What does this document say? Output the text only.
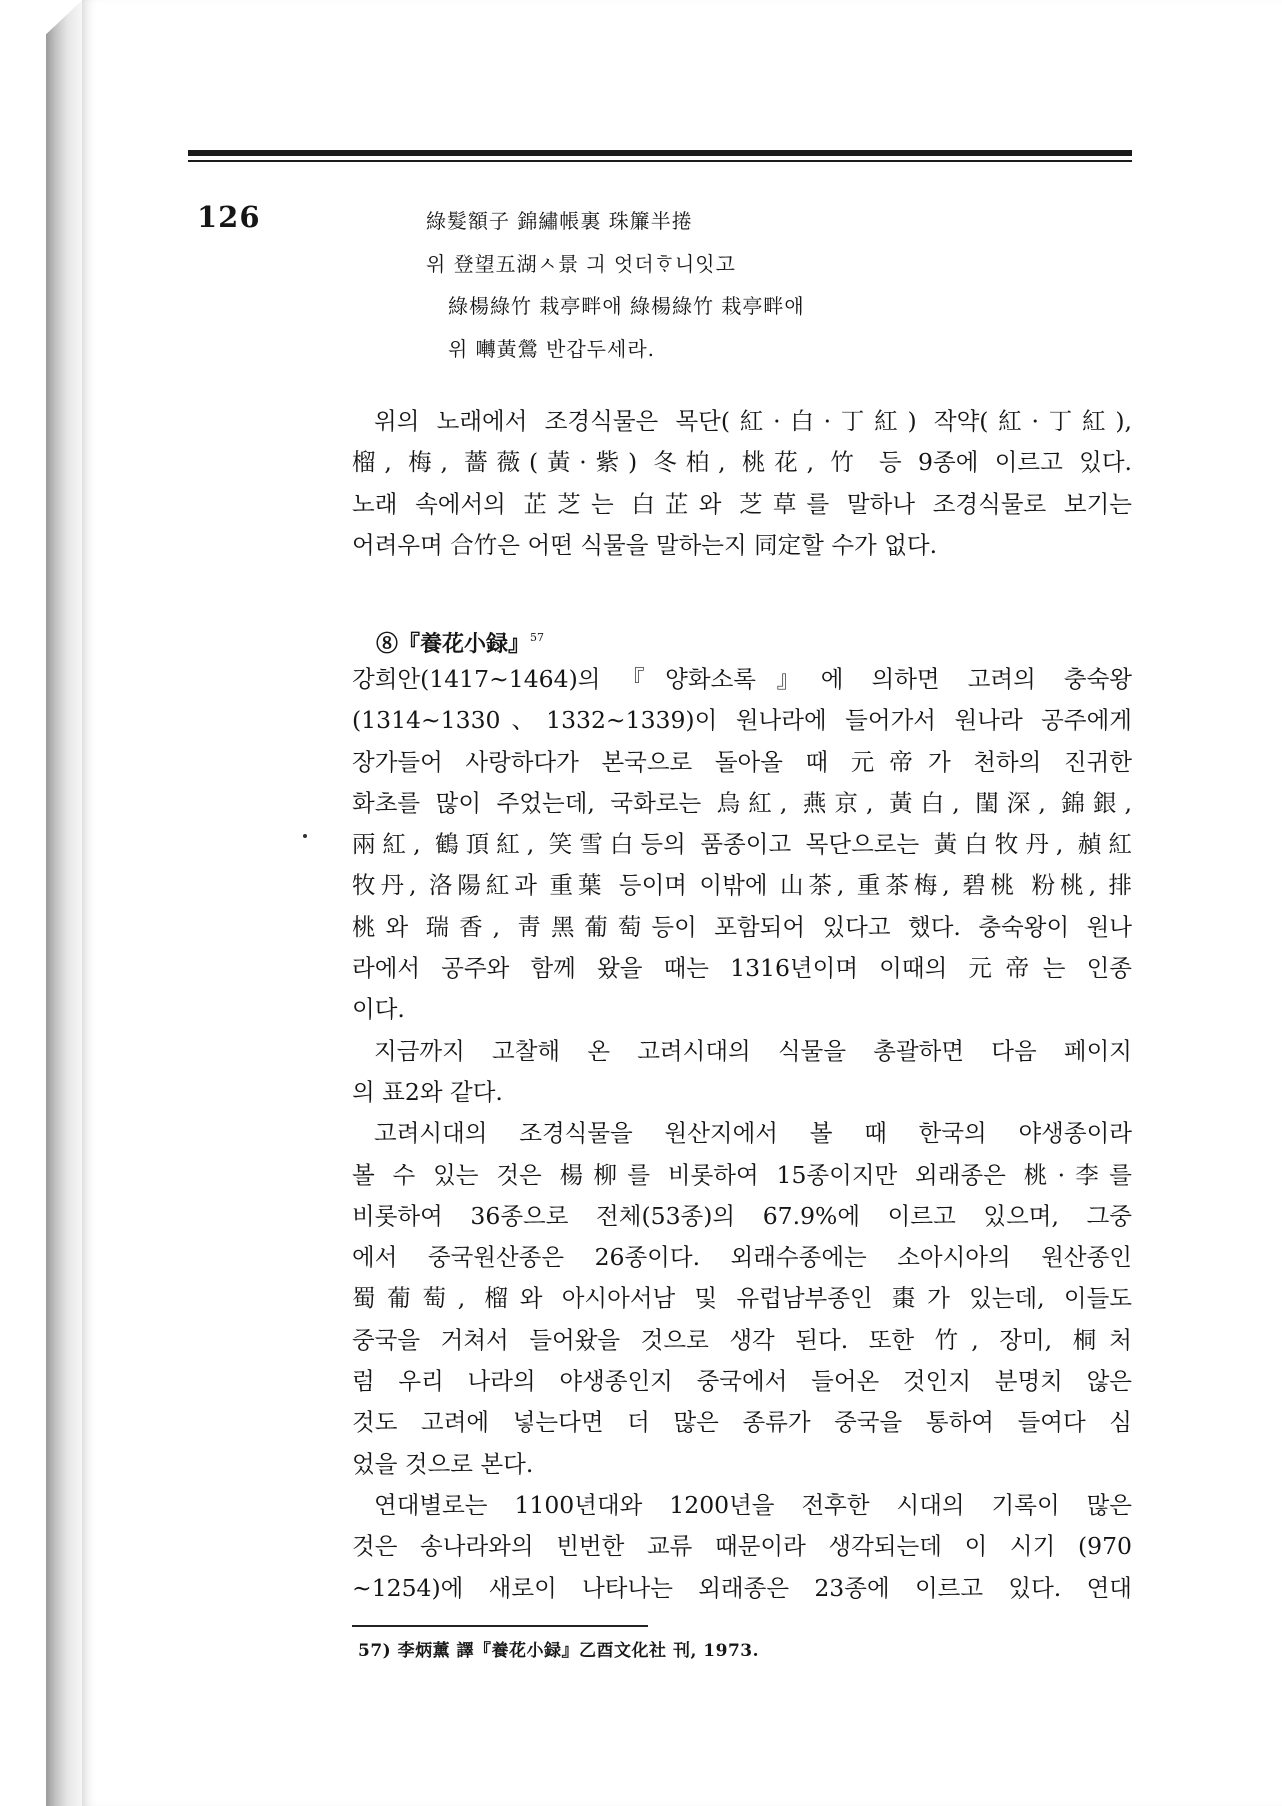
126	綠髮額子 錦繡帳裏 珠簾半捲
위 登望五湖ㅅ景 긔 엇더ᄒᆞ니잇고
綠楊綠竹 栽亭畔애 綠楊綠竹 栽亭畔애
위 囀黃鶯 반갑두세라.
위의 노래에서 조경식물은 목단(紅·白·丁紅) 작약(紅·丁紅),
榴, 梅, 薔薇(黃·紫) 冬柏, 桃花, 竹 등 9종에 이르고 있다.
노래 속에서의 芷芝는 白芷와 芝草를 말하나 조경식물로 보기는
어려우며 合竹은 어떤 식물을 말하는지 同定할 수가 없다.
⑧『養花小録』$^{57}$
강희안(1417∼1464)의『양화소록』에 의하면 고려의 충숙왕
(1314∼1330、1332∼1339)이 원나라에 들어가서 원나라 공주에게
장가들어 사랑하다가 본국으로 돌아올 때 元帝가 천하의 진귀한
화초를 많이 주었는데, 국화로는 烏紅, 燕京, 黃白, 閨深, 錦銀,
兩紅, 鶴頂紅, 笑雪白등의 품종이고 목단으로는 黃白牧丹, 赬紅
牧丹, 洛陽紅과 重葉 등이며 이밖에 山茶, 重茶梅, 碧桃 粉桃, 排
桃와 瑞香, 靑黑葡萄등이 포함되어 있다고 했다. 충숙왕이 원나
라에서 공주와 함께 왔을 때는 1316년이며 이때의 元帝는 인종
이다.
지금까지 고찰해 온 고려시대의 식물을 총괄하면 다음 페이지
의 표2와 같다.
고려시대의 조경식물을 원산지에서 볼 때 한국의 야생종이라
볼 수 있는 것은 楊柳를 비롯하여 15종이지만 외래종은 桃·李를
비롯하여 36종으로 전체(53종)의 67.9%에 이르고 있으며, 그중
에서 중국원산종은 26종이다. 외래수종에는 소아시아의 원산종인
蜀葡萄, 榴와 아시아서남 및 유럽남부종인 棗가 있는데, 이들도
중국을 거쳐서 들어왔을 것으로 생각 된다. 또한 竹, 장미, 桐처
럼 우리 나라의 야생종인지 중국에서 들어온 것인지 분명치 않은
것도 고려에 넣는다면 더 많은 종류가 중국을 통하여 들여다 심
었을 것으로 본다.
연대별로는 1100년대와 1200년을 전후한 시대의 기록이 많은
것은 송나라와의 빈번한 교류 때문이라 생각되는데 이 시기 (970
∼1254)에 새로이 나타나는 외래종은 23종에 이르고 있다. 연대
57) 李炳薰 譯『養花小録』乙酉文化社 刊, 1973.
